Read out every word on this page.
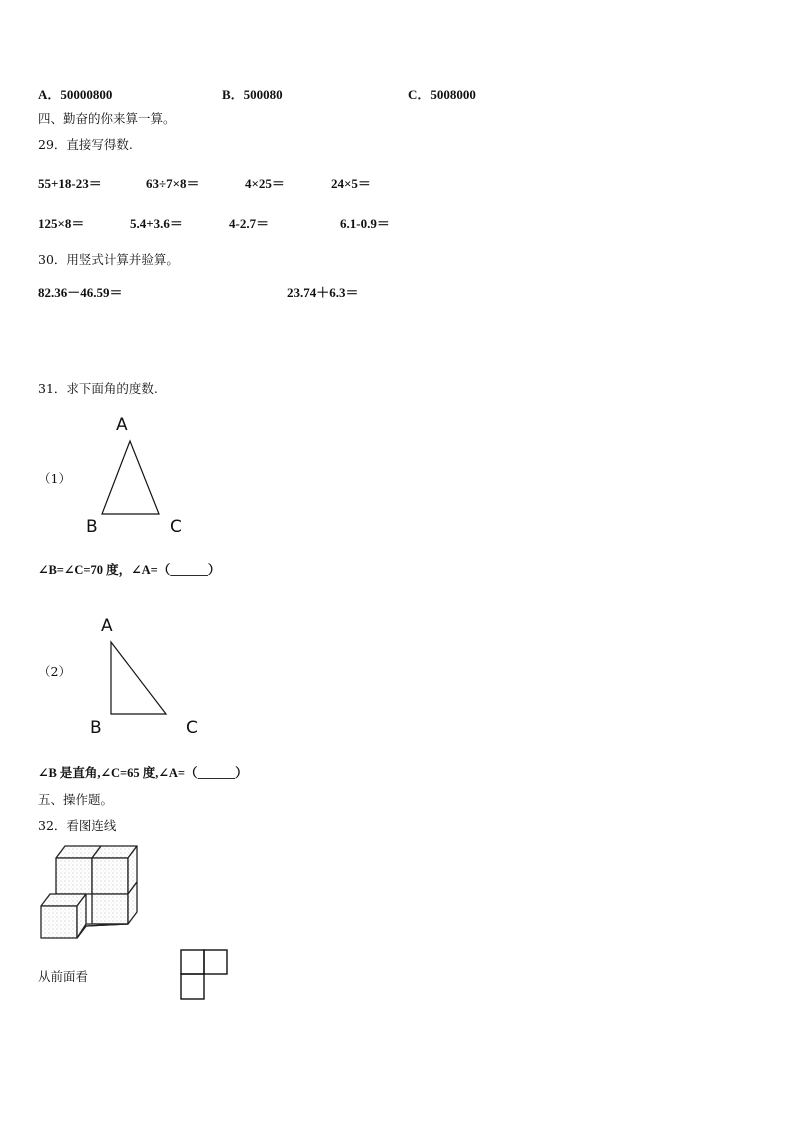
A．50000800	B．500080	C．5008000
四、勤奋的你来算一算。
29．直接写得数.
55+18-23＝	63÷7×8＝	4×25＝	24×5＝
125×8＝	5.4+3.6＝	4-2.7＝	6.1-0.9＝
30．用竖式计算并验算。
82.36－46.59＝	23.74＋6.3＝
31．求下面角的度数.
（1）
A
B	C
∠B=∠C=70 度，∠A=（______）
（2）
A
B	C
∠B 是直角,∠C=65 度,∠A=（______）
五、操作题。
32．看图连线
从前面看
